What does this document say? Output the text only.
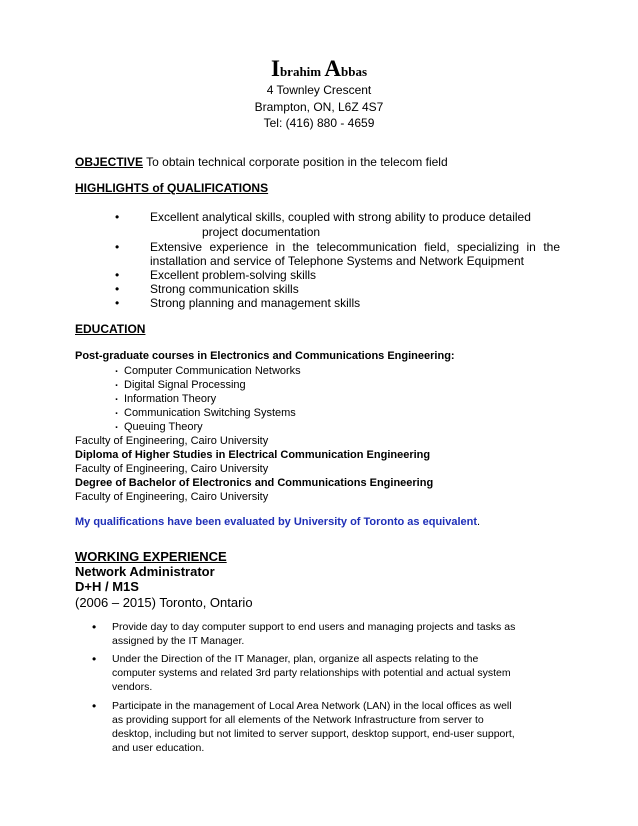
Ibrahim Abbas
4 Townley Crescent
Brampton, ON, L6Z 4S7
Tel: (416) 880 - 4659
OBJECTIVE To obtain technical corporate position in the telecom field
HIGHLIGHTS of QUALIFICATIONS
•	Excellent analytical skills, coupled with strong ability to produce detailed
project documentation
•	Extensive experience in the telecommunication field, specializing in the
installation and service of Telephone Systems and Network Equipment
•	Excellent problem-solving skills
•	Strong communication skills
•	Strong planning and management skills
EDUCATION
Post-graduate courses in Electronics and Communications Engineering:
. Computer Communication Networks
. Digital Signal Processing
. Information Theory
. Communication Switching Systems
. Queuing Theory
Faculty of Engineering, Cairo University
Diploma of Higher Studies in Electrical Communication Engineering
Faculty of Engineering, Cairo University
Degree of Bachelor of Electronics and Communications Engineering
Faculty of Engineering, Cairo University
My qualifications have been evaluated by University of Toronto as equivalent.
WORKING EXPERIENCE
Network Administrator
D+H / M1S
(2006 – 2015) Toronto, Ontario
• Provide day to day computer support to end users and managing projects and tasks as
assigned by the IT Manager.
• Under the Direction of the IT Manager, plan, organize all aspects relating to the
computer systems and related 3rd party relationships with potential and actual system
vendors.
• Participate in the management of Local Area Network (LAN) in the local offices as well
as providing support for all elements of the Network Infrastructure from server to
desktop, including but not limited to server support, desktop support, end-user support,
and user education.
